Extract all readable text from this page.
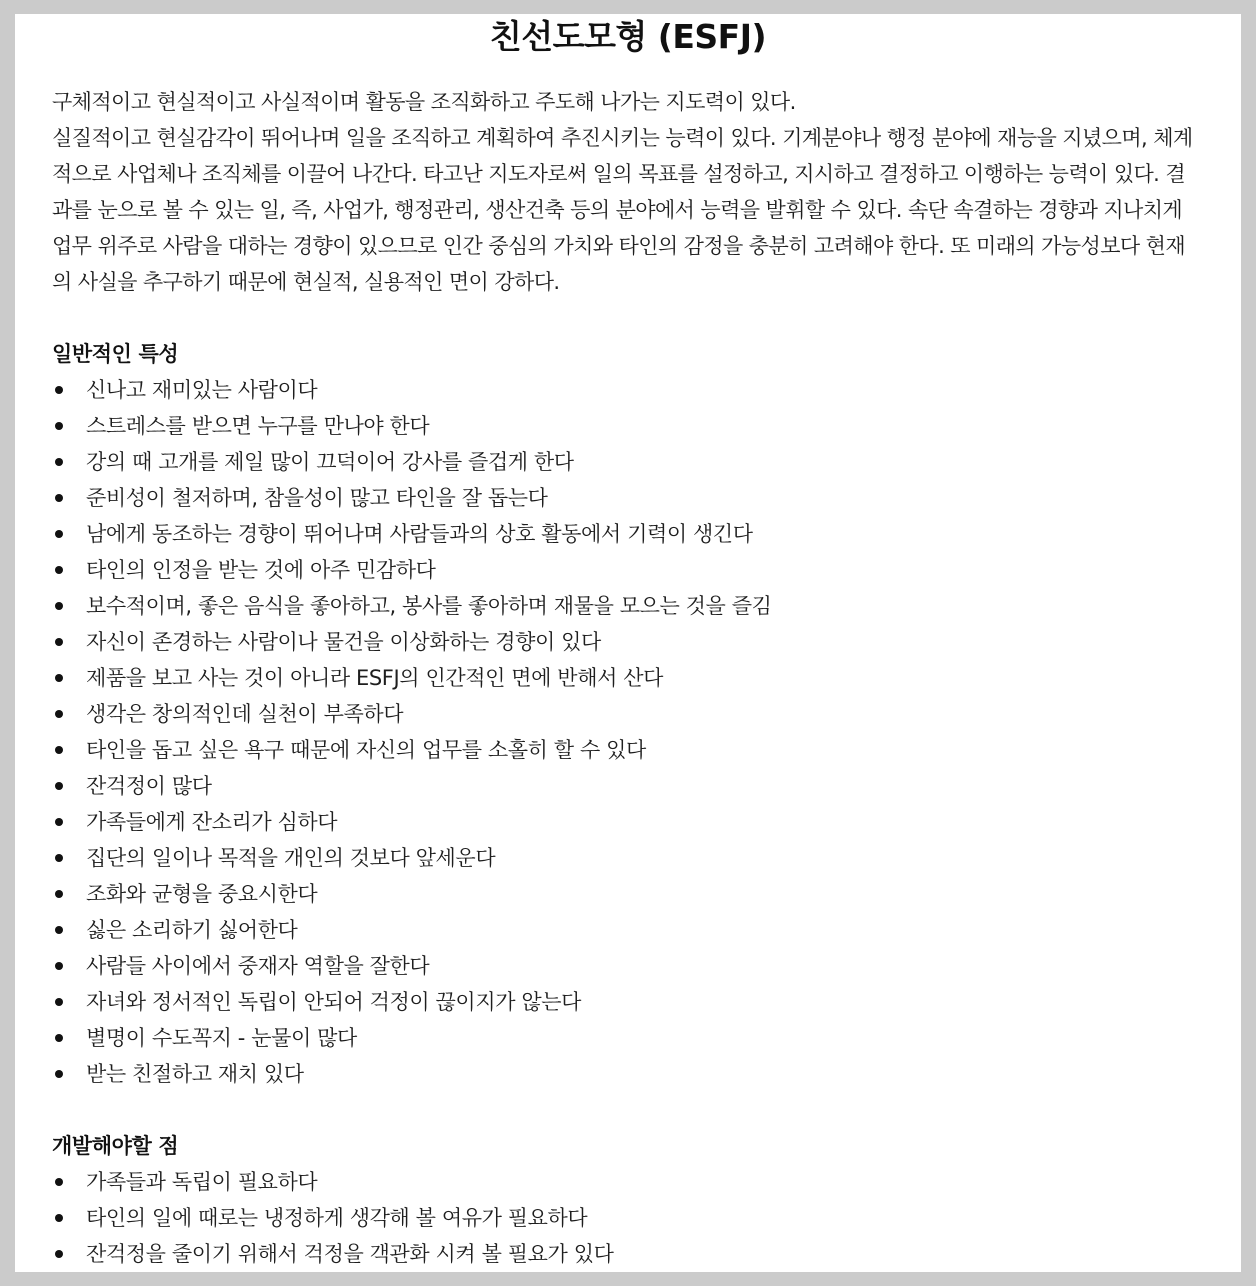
친선도모형 (ESFJ)

구체적이고 현실적이고 사실적이며 활동을 조직화하고 주도해 나가는 지도력이 있다.

실질적이고 현실감각이 뛰어나며 일을 조직하고 계획하여 추진시키는 능력이 있다. 기계분야나 행정 분야에 재능을 지녔으며, 체계적으로 사업체나 조직체를 이끌어 나간다. 타고난 지도자로써 일의 목표를 설정하고, 지시하고 결정하고 이행하는 능력이 있다. 결과를 눈으로 볼 수 있는 일, 즉, 사업가, 행정관리, 생산건축 등의 분야에서 능력을 발휘할 수 있다. 속단 속결하는 경향과 지나치게 업무 위주로 사람을 대하는 경향이 있으므로 인간 중심의 가치와 타인의 감정을 충분히 고려해야 한다. 또 미래의 가능성보다 현재의 사실을 추구하기 때문에 현실적, 실용적인 면이 강하다.

일반적인 특성
신나고 재미있는 사람이다
스트레스를 받으면 누구를 만나야 한다
강의 때 고개를 제일 많이 끄덕이어 강사를 즐겁게 한다
준비성이 철저하며, 참을성이 많고 타인을 잘 돕는다
남에게 동조하는 경향이 뛰어나며 사람들과의 상호 활동에서 기력이 생긴다
타인의 인정을 받는 것에 아주 민감하다
보수적이며, 좋은 음식을 좋아하고, 봉사를 좋아하며 재물을 모으는 것을 즐김
자신이 존경하는 사람이나 물건을 이상화하는 경향이 있다
제품을 보고 사는 것이 아니라 ESFJ의 인간적인 면에 반해서 산다
생각은 창의적인데 실천이 부족하다
타인을 돕고 싶은 욕구 때문에 자신의 업무를 소홀히 할 수 있다
잔걱정이 많다
가족들에게 잔소리가 심하다
집단의 일이나 목적을 개인의 것보다 앞세운다
조화와 균형을 중요시한다
싫은 소리하기 싫어한다
사람들 사이에서 중재자 역할을 잘한다
자녀와 정서적인 독립이 안되어 걱정이 끊이지가 않는다
별명이 수도꼭지 - 눈물이 많다
받는 친절하고 재치 있다
개발해야할 점
가족들과 독립이 필요하다
타인의 일에 때로는 냉정하게 생각해 볼 여유가 필요하다
잔걱정을 줄이기 위해서 걱정을 객관화 시켜 볼 필요가 있다
